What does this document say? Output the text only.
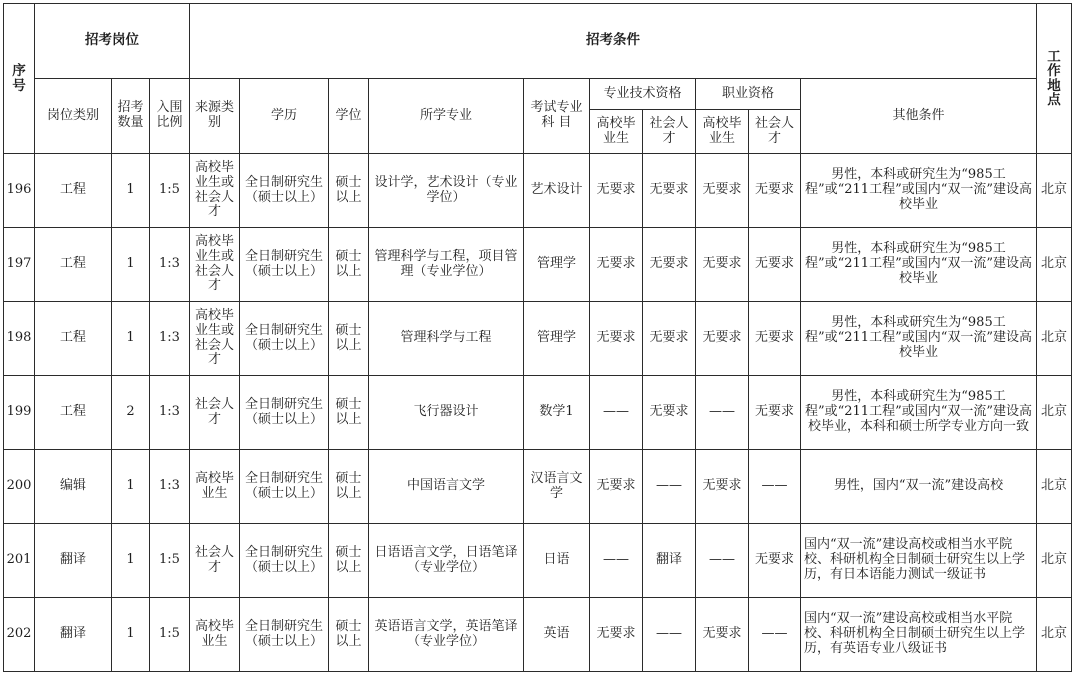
序号	招考岗位			招考条件										工作地点
	岗位类别	招考数量	入围比例	来源类别	学历	学位	所学专业	考试专业科 目	专业技术资格		职业资格		其他条件	
									高校毕业生	社会人才	高校毕业生	社会人才		
196	工程	1	1:5	高校毕业生或社会人才	全日制研究生（硕士以上）	硕士以上	设计学，艺术设计（专业学位）	艺术设计	无要求	无要求	无要求	无要求	男性，本科或研究生为“985工程”或“211工程”或国内“双一流”建设高校毕业	北京
197	工程	1	1:3	高校毕业生或社会人才	全日制研究生（硕士以上）	硕士以上	管理科学与工程，项目管理（专业学位）	管理学	无要求	无要求	无要求	无要求	男性，本科或研究生为“985工程”或“211工程”或国内“双一流”建设高校毕业	北京
198	工程	1	1:3	高校毕业生或社会人才	全日制研究生（硕士以上）	硕士以上	管理科学与工程	管理学	无要求	无要求	无要求	无要求	男性，本科或研究生为“985工程”或“211工程”或国内“双一流”建设高校毕业	北京
199	工程	2	1:3	社会人才	全日制研究生（硕士以上）	硕士以上	飞行器设计	数学1	——	无要求	——	无要求	男性，本科或研究生为“985工程”或“211工程”或国内“双一流”建设高校毕业，本科和硕士所学专业方向一致	北京
200	编辑	1	1:3	高校毕业生	全日制研究生（硕士以上）	硕士以上	中国语言文学	汉语言文学	无要求	——	无要求	——	男性，国内“双一流”建设高校	北京
201	翻译	1	1:5	社会人才	全日制研究生（硕士以上）	硕士以上	日语语言文学，日语笔译（专业学位）	日语	——	翻译	——	无要求	国内“双一流”建设高校或相当水平院校、科研机构全日制硕士研究生以上学历，有日本语能力测试一级证书	北京
202	翻译	1	1:5	高校毕业生	全日制研究生（硕士以上）	硕士以上	英语语言文学，英语笔译（专业学位）	英语	无要求	——	无要求	——	国内“双一流”建设高校或相当水平院校、科研机构全日制硕士研究生以上学历，有英语专业八级证书	北京
